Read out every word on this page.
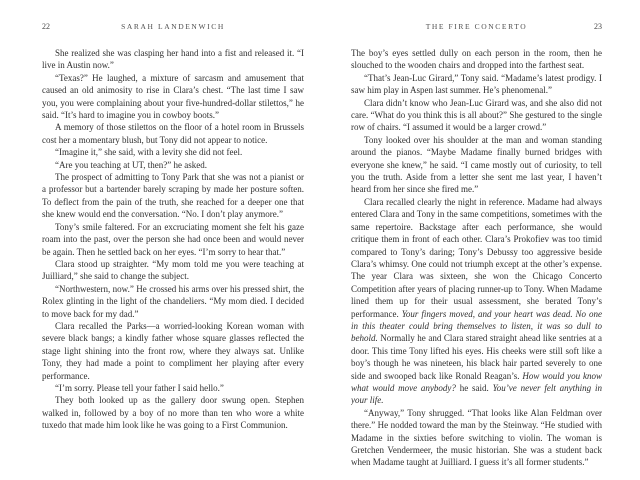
22	SARAH LANDENWICH

She realized she was clasping her hand into a fist and released it. “I live in Austin now.”

“Texas?” He laughed, a mixture of sarcasm and amusement that caused an old animosity to rise in Clara’s chest. “The last time I saw you, you were complaining about your five-hundred-dollar stilettos,” he said. “It’s hard to imagine you in cowboy boots.”

A memory of those stilettos on the floor of a hotel room in Brussels cost her a momentary blush, but Tony did not appear to notice.

“Imagine it,” she said, with a levity she did not feel.

“Are you teaching at UT, then?” he asked.

The prospect of admitting to Tony Park that she was not a pianist or a professor but a bartender barely scraping by made her posture soften. To deflect from the pain of the truth, she reached for a deeper one that she knew would end the conversation. “No. I don’t play anymore.”

Tony’s smile faltered. For an excruciating moment she felt his gaze roam into the past, over the person she had once been and would never be again. Then he settled back on her eyes. “I’m sorry to hear that.”

Clara stood up straighter. “My mom told me you were teaching at Juilliard,” she said to change the subject.

“Northwestern, now.” He crossed his arms over his pressed shirt, the Rolex glinting in the light of the chandeliers. “My mom died. I decided to move back for my dad.”

Clara recalled the Parks—a worried-looking Korean woman with severe black bangs; a kindly father whose square glasses reflected the stage light shining into the front row, where they always sat. Unlike Tony, they had made a point to compliment her playing after every performance.

“I’m sorry. Please tell your father I said hello.”

They both looked up as the gallery door swung open. Stephen walked in, followed by a boy of no more than ten who wore a white tuxedo that made him look like he was going to a First Communion.

THE FIRE CONCERTO	23

The boy’s eyes settled dully on each person in the room, then he slouched to the wooden chairs and dropped into the farthest seat.

“That’s Jean-Luc Girard,” Tony said. “Madame’s latest prodigy. I saw him play in Aspen last summer. He’s phenomenal.”

Clara didn’t know who Jean-Luc Girard was, and she also did not care. “What do you think this is all about?” She gestured to the single row of chairs. “I assumed it would be a larger crowd.”

Tony looked over his shoulder at the man and woman standing around the pianos. “Maybe Madame finally burned bridges with everyone she knew,” he said. “I came mostly out of curiosity, to tell you the truth. Aside from a letter she sent me last year, I haven’t heard from her since she fired me.”

Clara recalled clearly the night in reference. Madame had always entered Clara and Tony in the same competitions, sometimes with the same repertoire. Backstage after each performance, she would critique them in front of each other. Clara’s Prokofiev was too timid compared to Tony’s daring; Tony’s Debussy too aggressive beside Clara’s whimsy. One could not triumph except at the other’s expense. The year Clara was sixteen, she won the Chicago Concerto Competition after years of placing runner-up to Tony. When Madame lined them up for their usual assessment, she berated Tony’s performance. Your fingers moved, and your heart was dead. No one in this theater could bring themselves to listen, it was so dull to behold. Normally he and Clara stared straight ahead like sentries at a door. This time Tony lifted his eyes. His cheeks were still soft like a boy’s though he was nineteen, his black hair parted severely to one side and swooped back like Ronald Reagan’s. How would you know what would move anybody? he said. You’ve never felt anything in your life.

“Anyway,” Tony shrugged. “That looks like Alan Feldman over there.” He nodded toward the man by the Steinway. “He studied with Madame in the sixties before switching to violin. The woman is Gretchen Vendermeer, the music historian. She was a student back when Madame taught at Juilliard. I guess it’s all former students.”
